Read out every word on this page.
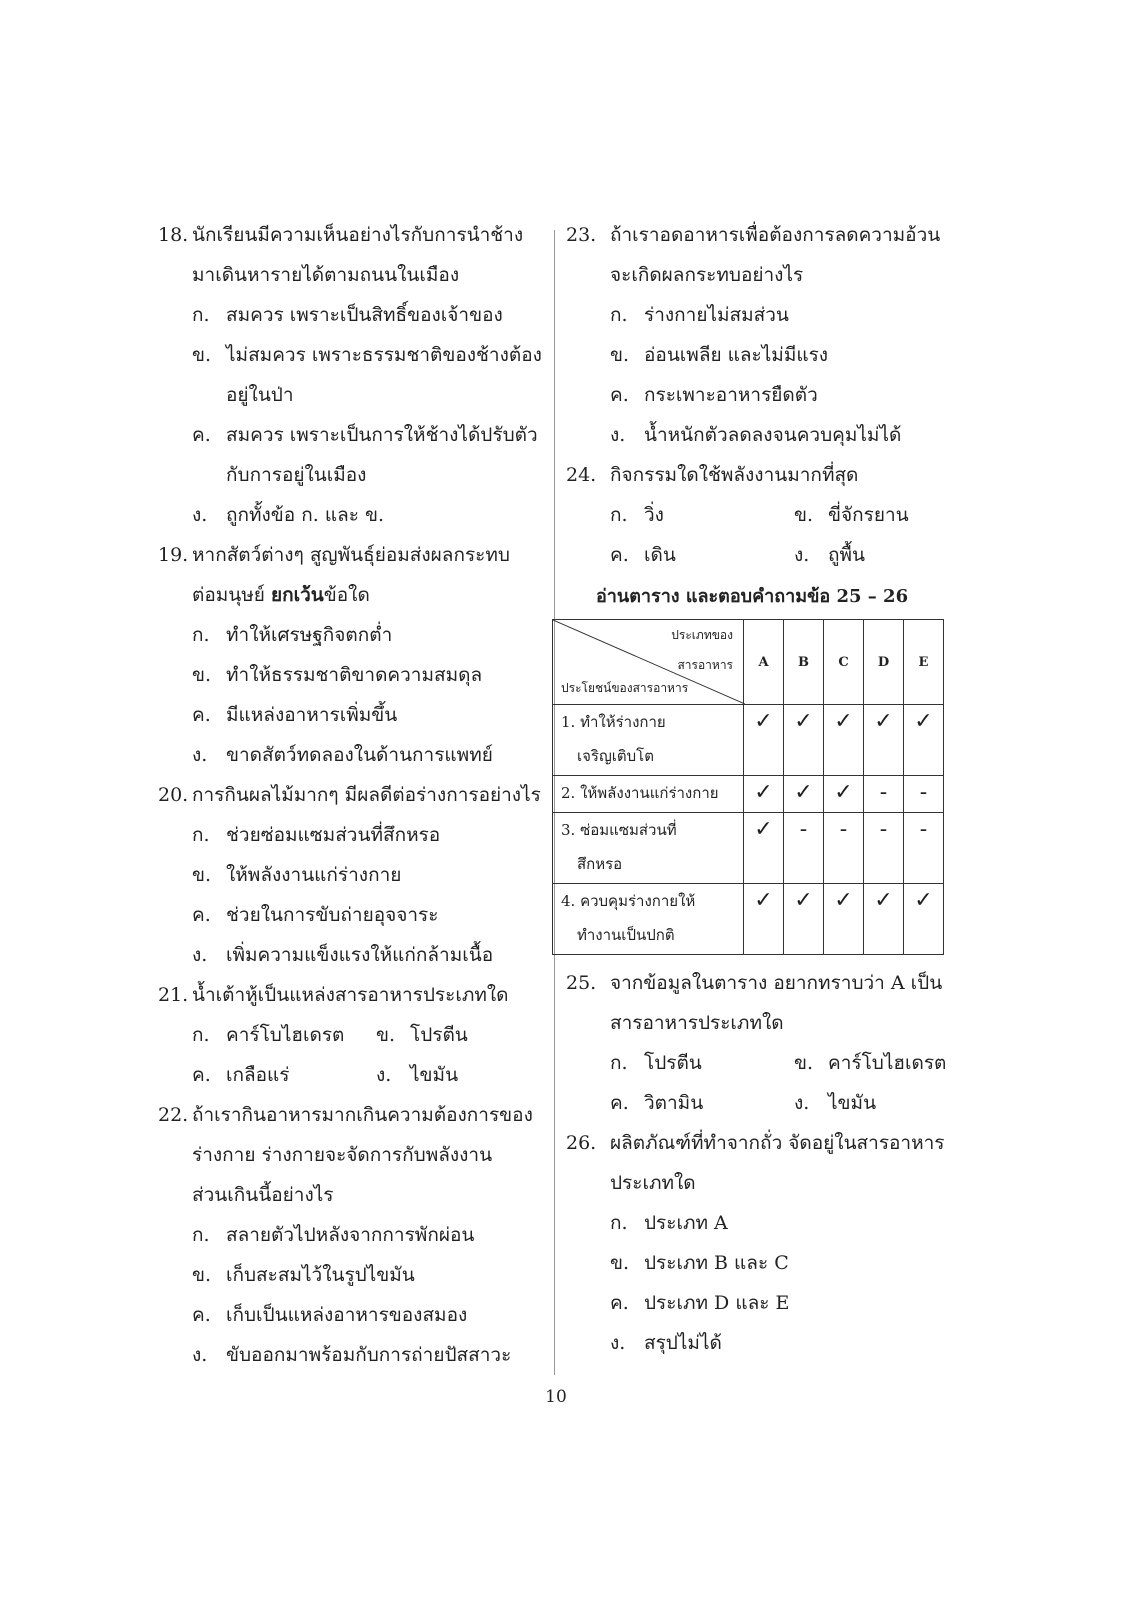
18. นักเรียนมีความเห็นอย่างไรกับการนำช้าง
มาเดินหารายได้ตามถนนในเมือง
ก. สมควร เพราะเป็นสิทธิ์ของเจ้าของ
ข. ไม่สมควร เพราะธรรมชาติของช้างต้อง
อยู่ในป่า
ค. สมควร เพราะเป็นการให้ช้างได้ปรับตัว
กับการอยู่ในเมือง
ง. ถูกทั้งข้อ ก. และ ข.
19. หากสัตว์ต่างๆ สูญพันธุ์ย่อมส่งผลกระทบ
ต่อมนุษย์ ยกเว้นข้อใด
ก. ทำให้เศรษฐกิจตกต่ำ
ข. ทำให้ธรรมชาติขาดความสมดุล
ค. มีแหล่งอาหารเพิ่มขึ้น
ง. ขาดสัตว์ทดลองในด้านการแพทย์
20. การกินผลไม้มากๆ มีผลดีต่อร่างการอย่างไร
ก. ช่วยซ่อมแซมส่วนที่สึกหรอ
ข. ให้พลังงานแก่ร่างกาย
ค. ช่วยในการขับถ่ายอุจจาระ
ง. เพิ่มความแข็งแรงให้แก่กล้ามเนื้อ
21. น้ำเต้าหู้เป็นแหล่งสารอาหารประเภทใด
ก. คาร์โบไฮเดรต ข. โปรตีน
ค. เกลือแร่	ง. ไขมัน
22. ถ้าเรากินอาหารมากเกินความต้องการของ
ร่างกาย ร่างกายจะจัดการกับพลังงาน
ส่วนเกินนี้อย่างไร
ก. สลายตัวไปหลังจากการพักผ่อน
ข. เก็บสะสมไว้ในรูปไขมัน
ค. เก็บเป็นแหล่งอาหารของสมอง
ง. ขับออกมาพร้อมกับการถ่ายปัสสาวะ
23. ถ้าเราอดอาหารเพื่อต้องการลดความอ้วน
จะเกิดผลกระทบอย่างไร
ก. ร่างกายไม่สมส่วน
ข. อ่อนเพลีย และไม่มีแรง
ค. กระเพาะอาหารยืดตัว
ง. น้ำหนักตัวลดลงจนควบคุมไม่ได้
24. กิจกรรมใดใช้พลังงานมากที่สุด
ก. วิ่ง	ข. ขี่จักรยาน
ค. เดิน	ง. ถูพื้น
อ่านตาราง และตอบคำถามข้อ 25 – 26
ประเภทของ
สารอาหาร
ประโยชน์ของสารอาหาร	A	B	C	D	E

1. ทำให้ร่างกาย
เจริญเติบโต	✓	✓	✓	✓	✓

2. ให้พลังงานแก่ร่างกาย	✓	✓	✓	-	-

3. ซ่อมแซมส่วนที่
สึกหรอ	✓	-	-	-	-

4. ควบคุมร่างกายให้
ทำงานเป็นปกติ	✓	✓	✓	✓	✓
25. จากข้อมูลในตาราง อยากทราบว่า A เป็น
สารอาหารประเภทใด
ก. โปรตีน	ข. คาร์โบไฮเดรต
ค. วิตามิน	ง. ไขมัน
26. ผลิตภัณฑ์ที่ทำจากถั่ว จัดอยู่ในสารอาหาร
ประเภทใด
ก. ประเภท A
ข. ประเภท B และ C
ค. ประเภท D และ E
ง. สรุปไม่ได้
10
